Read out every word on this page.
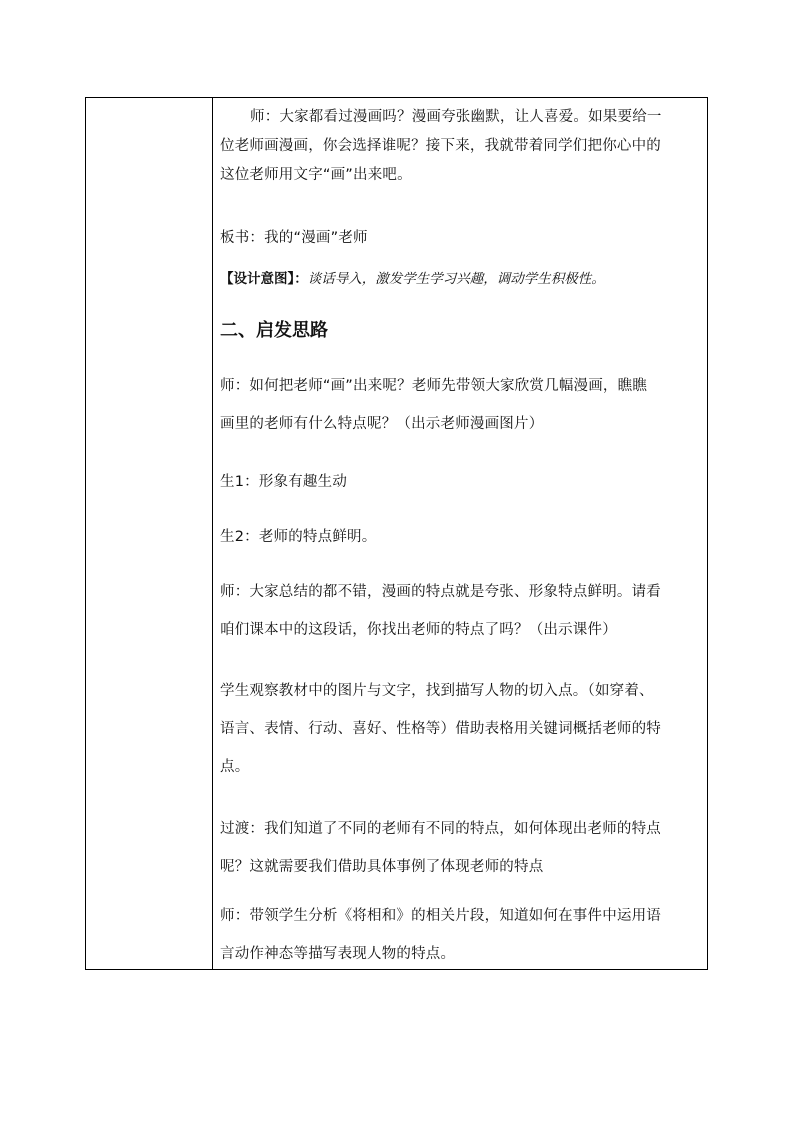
师：大家都看过漫画吗？漫画夸张幽默，让人喜爱。如果要给一

位老师画漫画，你会选择谁呢？接下来，我就带着同学们把你心中的
这位老师用文字“画”出来吧。

板书：我的“漫画”老师

【设计意图】：谈话导入，激发学生学习兴趣，调动学生积极性。

二、启发思路

师：如何把老师“画”出来呢？老师先带领大家欣赏几幅漫画，瞧瞧
画里的老师有什么特点呢？（出示老师漫画图片）

生1：形象有趣生动

生2：老师的特点鲜明。

师：大家总结的都不错，漫画的特点就是夸张、形象特点鲜明。请看
咱们课本中的这段话，你找出老师的特点了吗？（出示课件）

学生观察教材中的图片与文字，找到描写人物的切入点。（如穿着、
语言、表情、行动、喜好、性格等）借助表格用关键词概括老师的特
点。

过渡：我们知道了不同的老师有不同的特点，如何体现出老师的特点
呢？这就需要我们借助具体事例了体现老师的特点

师：带领学生分析《将相和》的相关片段，知道如何在事件中运用语
言动作神态等描写表现人物的特点。
